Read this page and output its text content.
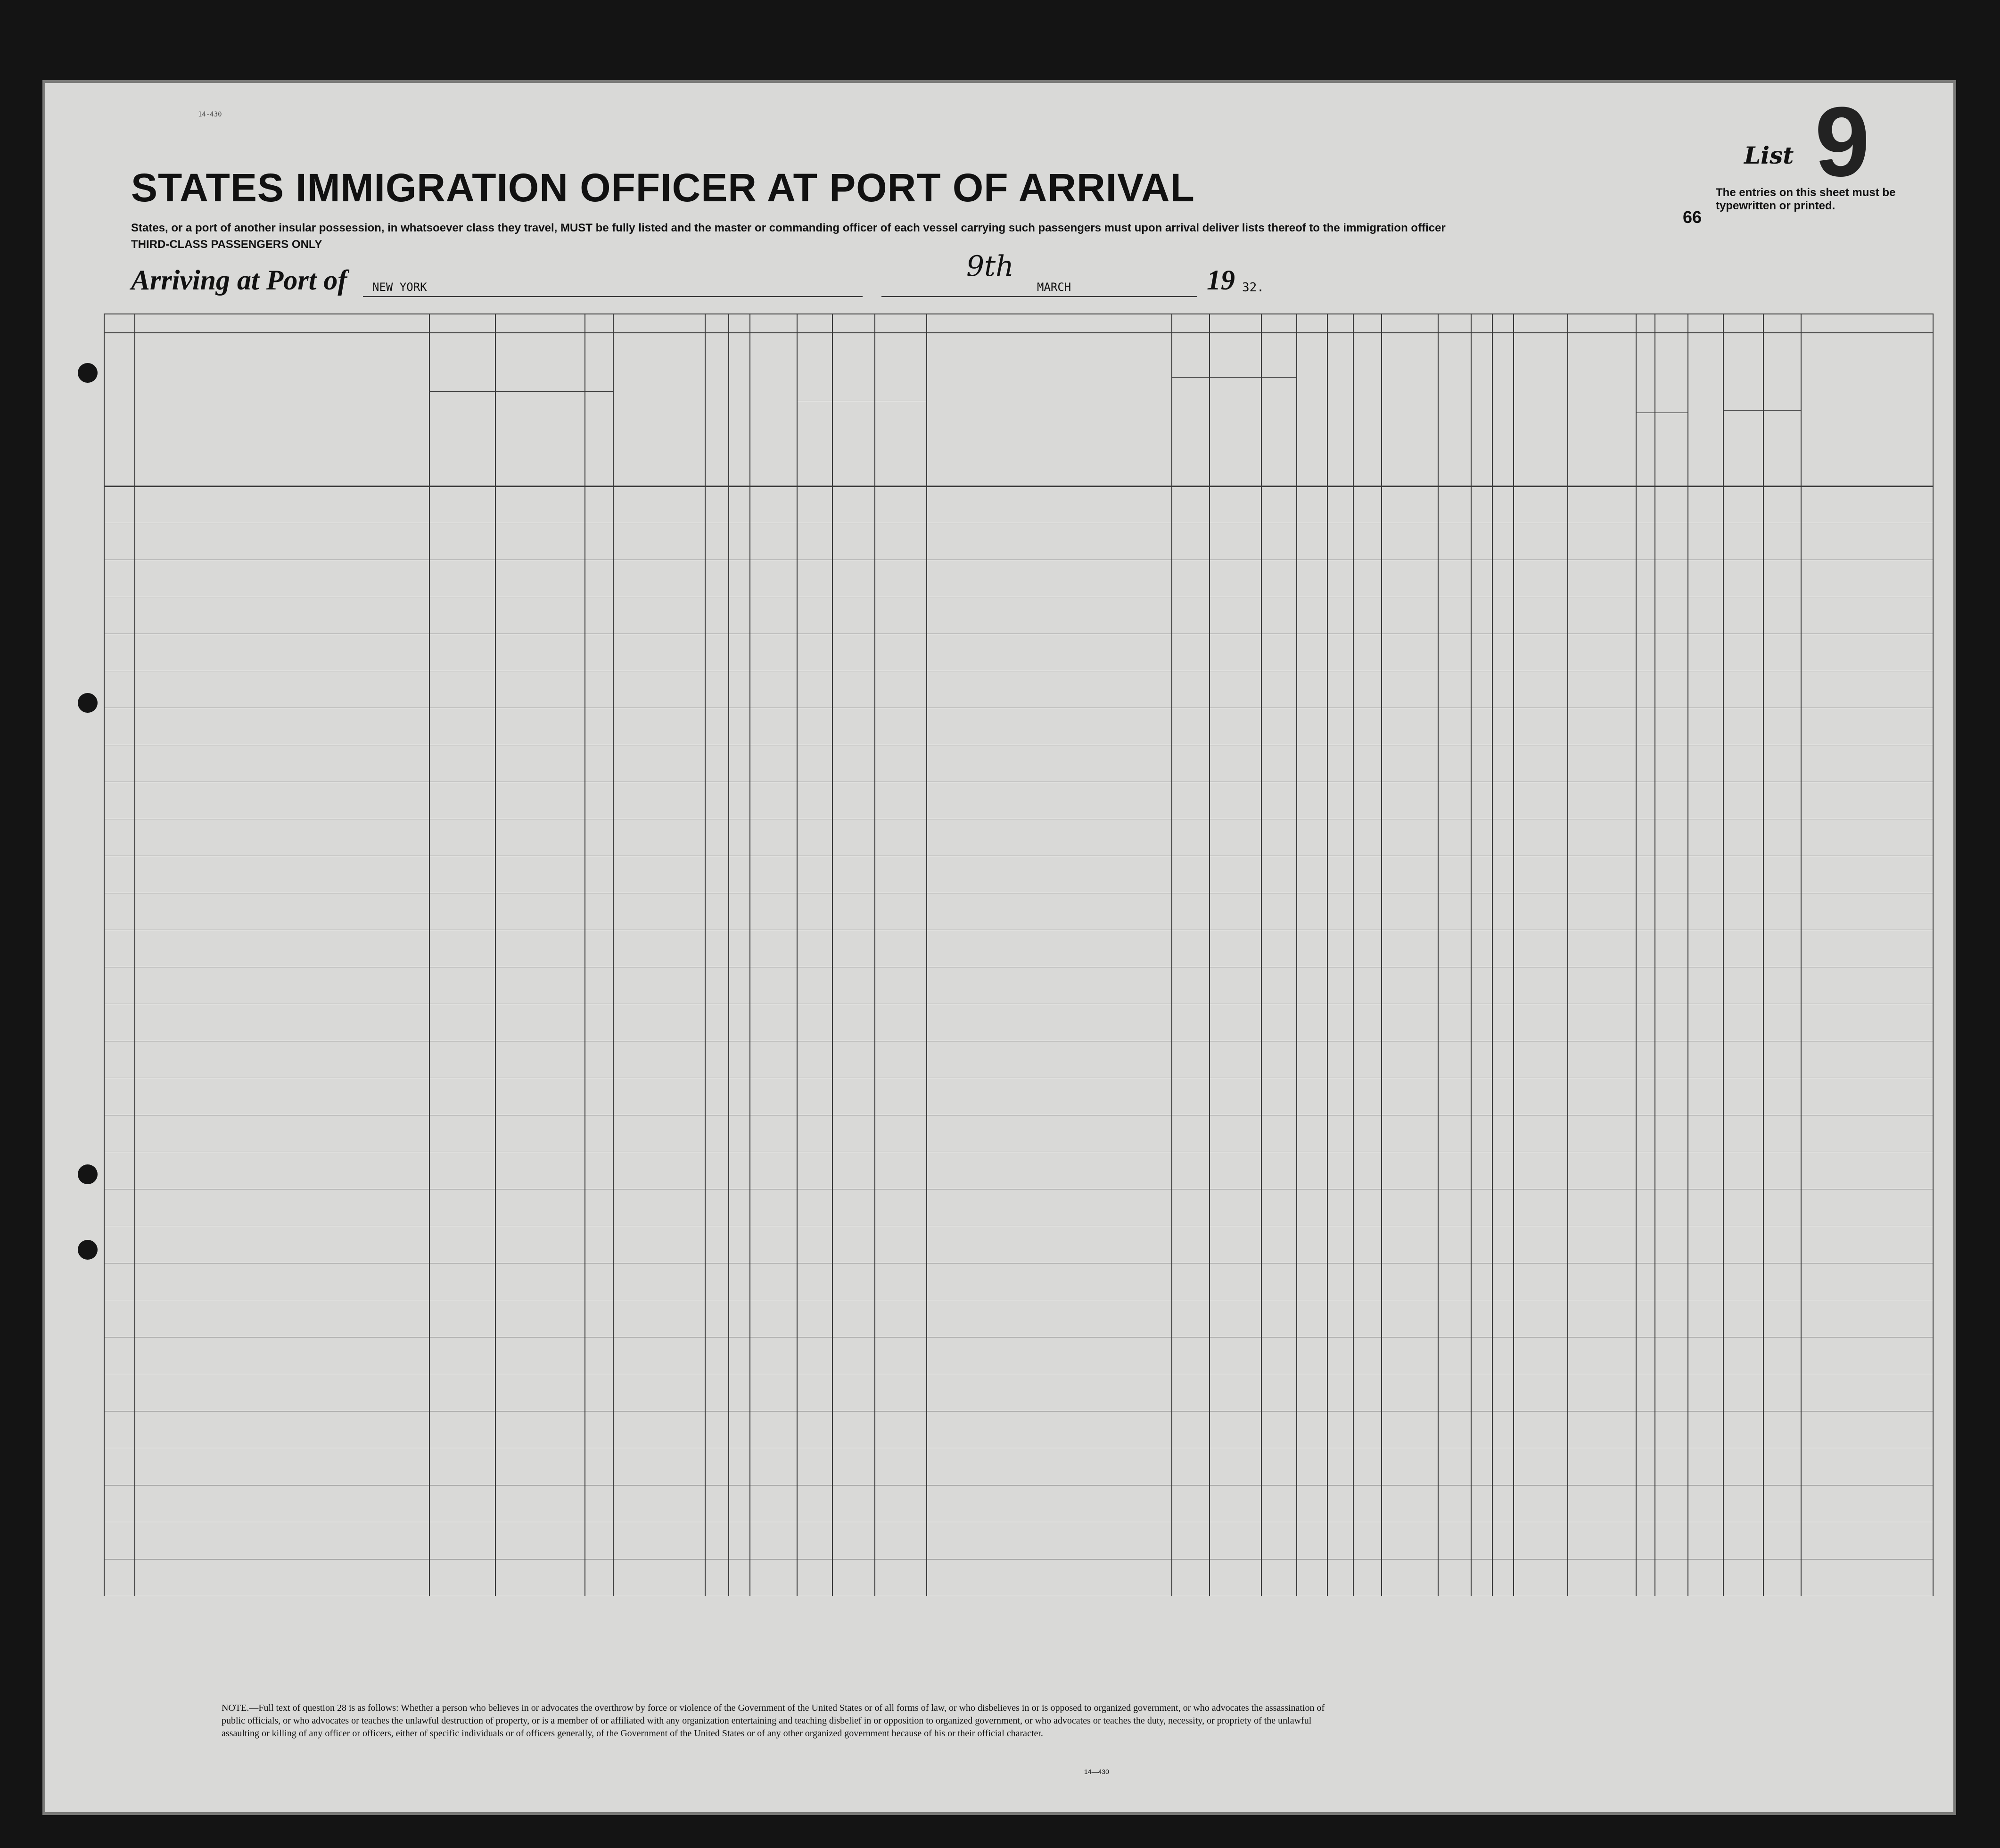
14-430	9
List
STATES IMMIGRATION OFFICER AT PORT OF ARRIVAL	The entries on this sheet must be typewritten or printed.
66
States, or a port of another insular possession, in whatsoever class they travel, MUST be fully listed and the master or commanding officer of each vessel carrying such passengers must upon arrival deliver lists thereof to the immigration officer
THIRD-CLASS PASSENGERS ONLY
Arriving at Port of NEW YORK
9th
MARCH	19 32.
NOTE.—Full text of question 28 is as follows: Whether a person who believes in or advocates the overthrow by force or violence of the Government of the United States or of all forms of law, or who disbelieves in or is opposed to organized government, or who advocates the assassination of public officials, or who advocates or teaches the unlawful destruction of property, or is a member of or affiliated with any organization entertaining and teaching disbelief in or opposition to organized government, or who advocates or teaches the duty, necessity, or propriety of the unlawful assaulting or killing of any officer or officers, either of specific individuals or of officers generally, of the Government of the United States or of any other organized government because of his or their official character.
14—430
